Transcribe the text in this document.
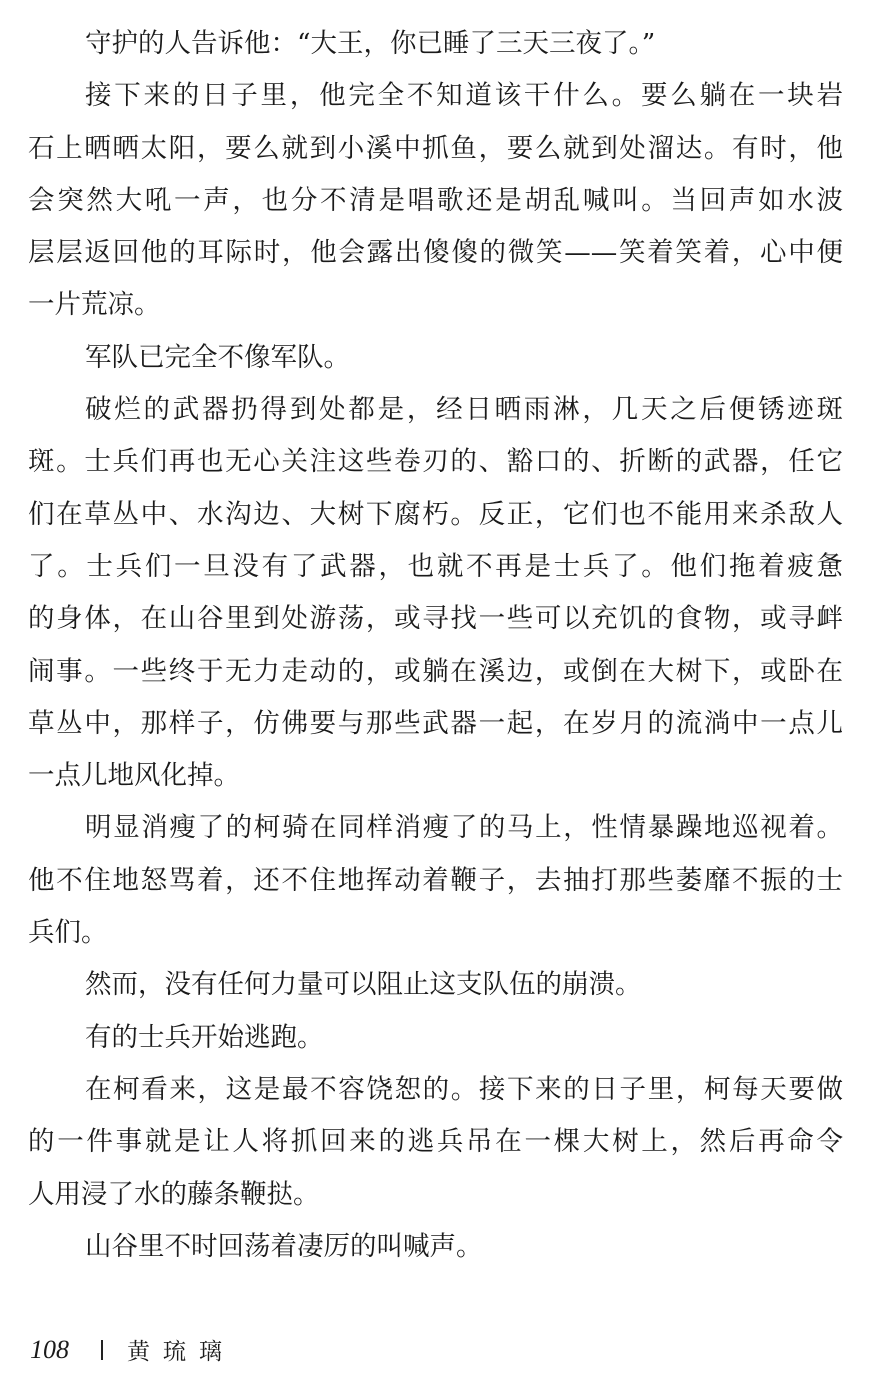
守护的人告诉他：“大王，你已睡了三天三夜了。”
接下来的日子里，他完全不知道该干什么。要么躺在一块岩
石上晒晒太阳，要么就到小溪中抓鱼，要么就到处溜达。有时，他
会突然大吼一声，也分不清是唱歌还是胡乱喊叫。当回声如水波
层层返回他的耳际时，他会露出傻傻的微笑——笑着笑着，心中便
一片荒凉。
军队已完全不像军队。
破烂的武器扔得到处都是，经日晒雨淋，几天之后便锈迹斑
斑。士兵们再也无心关注这些卷刃的、豁口的、折断的武器，任它
们在草丛中、水沟边、大树下腐朽。反正，它们也不能用来杀敌人
了。士兵们一旦没有了武器，也就不再是士兵了。他们拖着疲惫
的身体，在山谷里到处游荡，或寻找一些可以充饥的食物，或寻衅
闹事。一些终于无力走动的，或躺在溪边，或倒在大树下，或卧在
草丛中，那样子，仿佛要与那些武器一起，在岁月的流淌中一点儿
一点儿地风化掉。
明显消瘦了的柯骑在同样消瘦了的马上，性情暴躁地巡视着。
他不住地怒骂着，还不住地挥动着鞭子，去抽打那些萎靡不振的士
兵们。
然而，没有任何力量可以阻止这支队伍的崩溃。
有的士兵开始逃跑。
在柯看来，这是最不容饶恕的。接下来的日子里，柯每天要做
的一件事就是让人将抓回来的逃兵吊在一棵大树上，然后再命令
人用浸了水的藤条鞭挞。
山谷里不时回荡着凄厉的叫喊声。
108	黄琉璃
